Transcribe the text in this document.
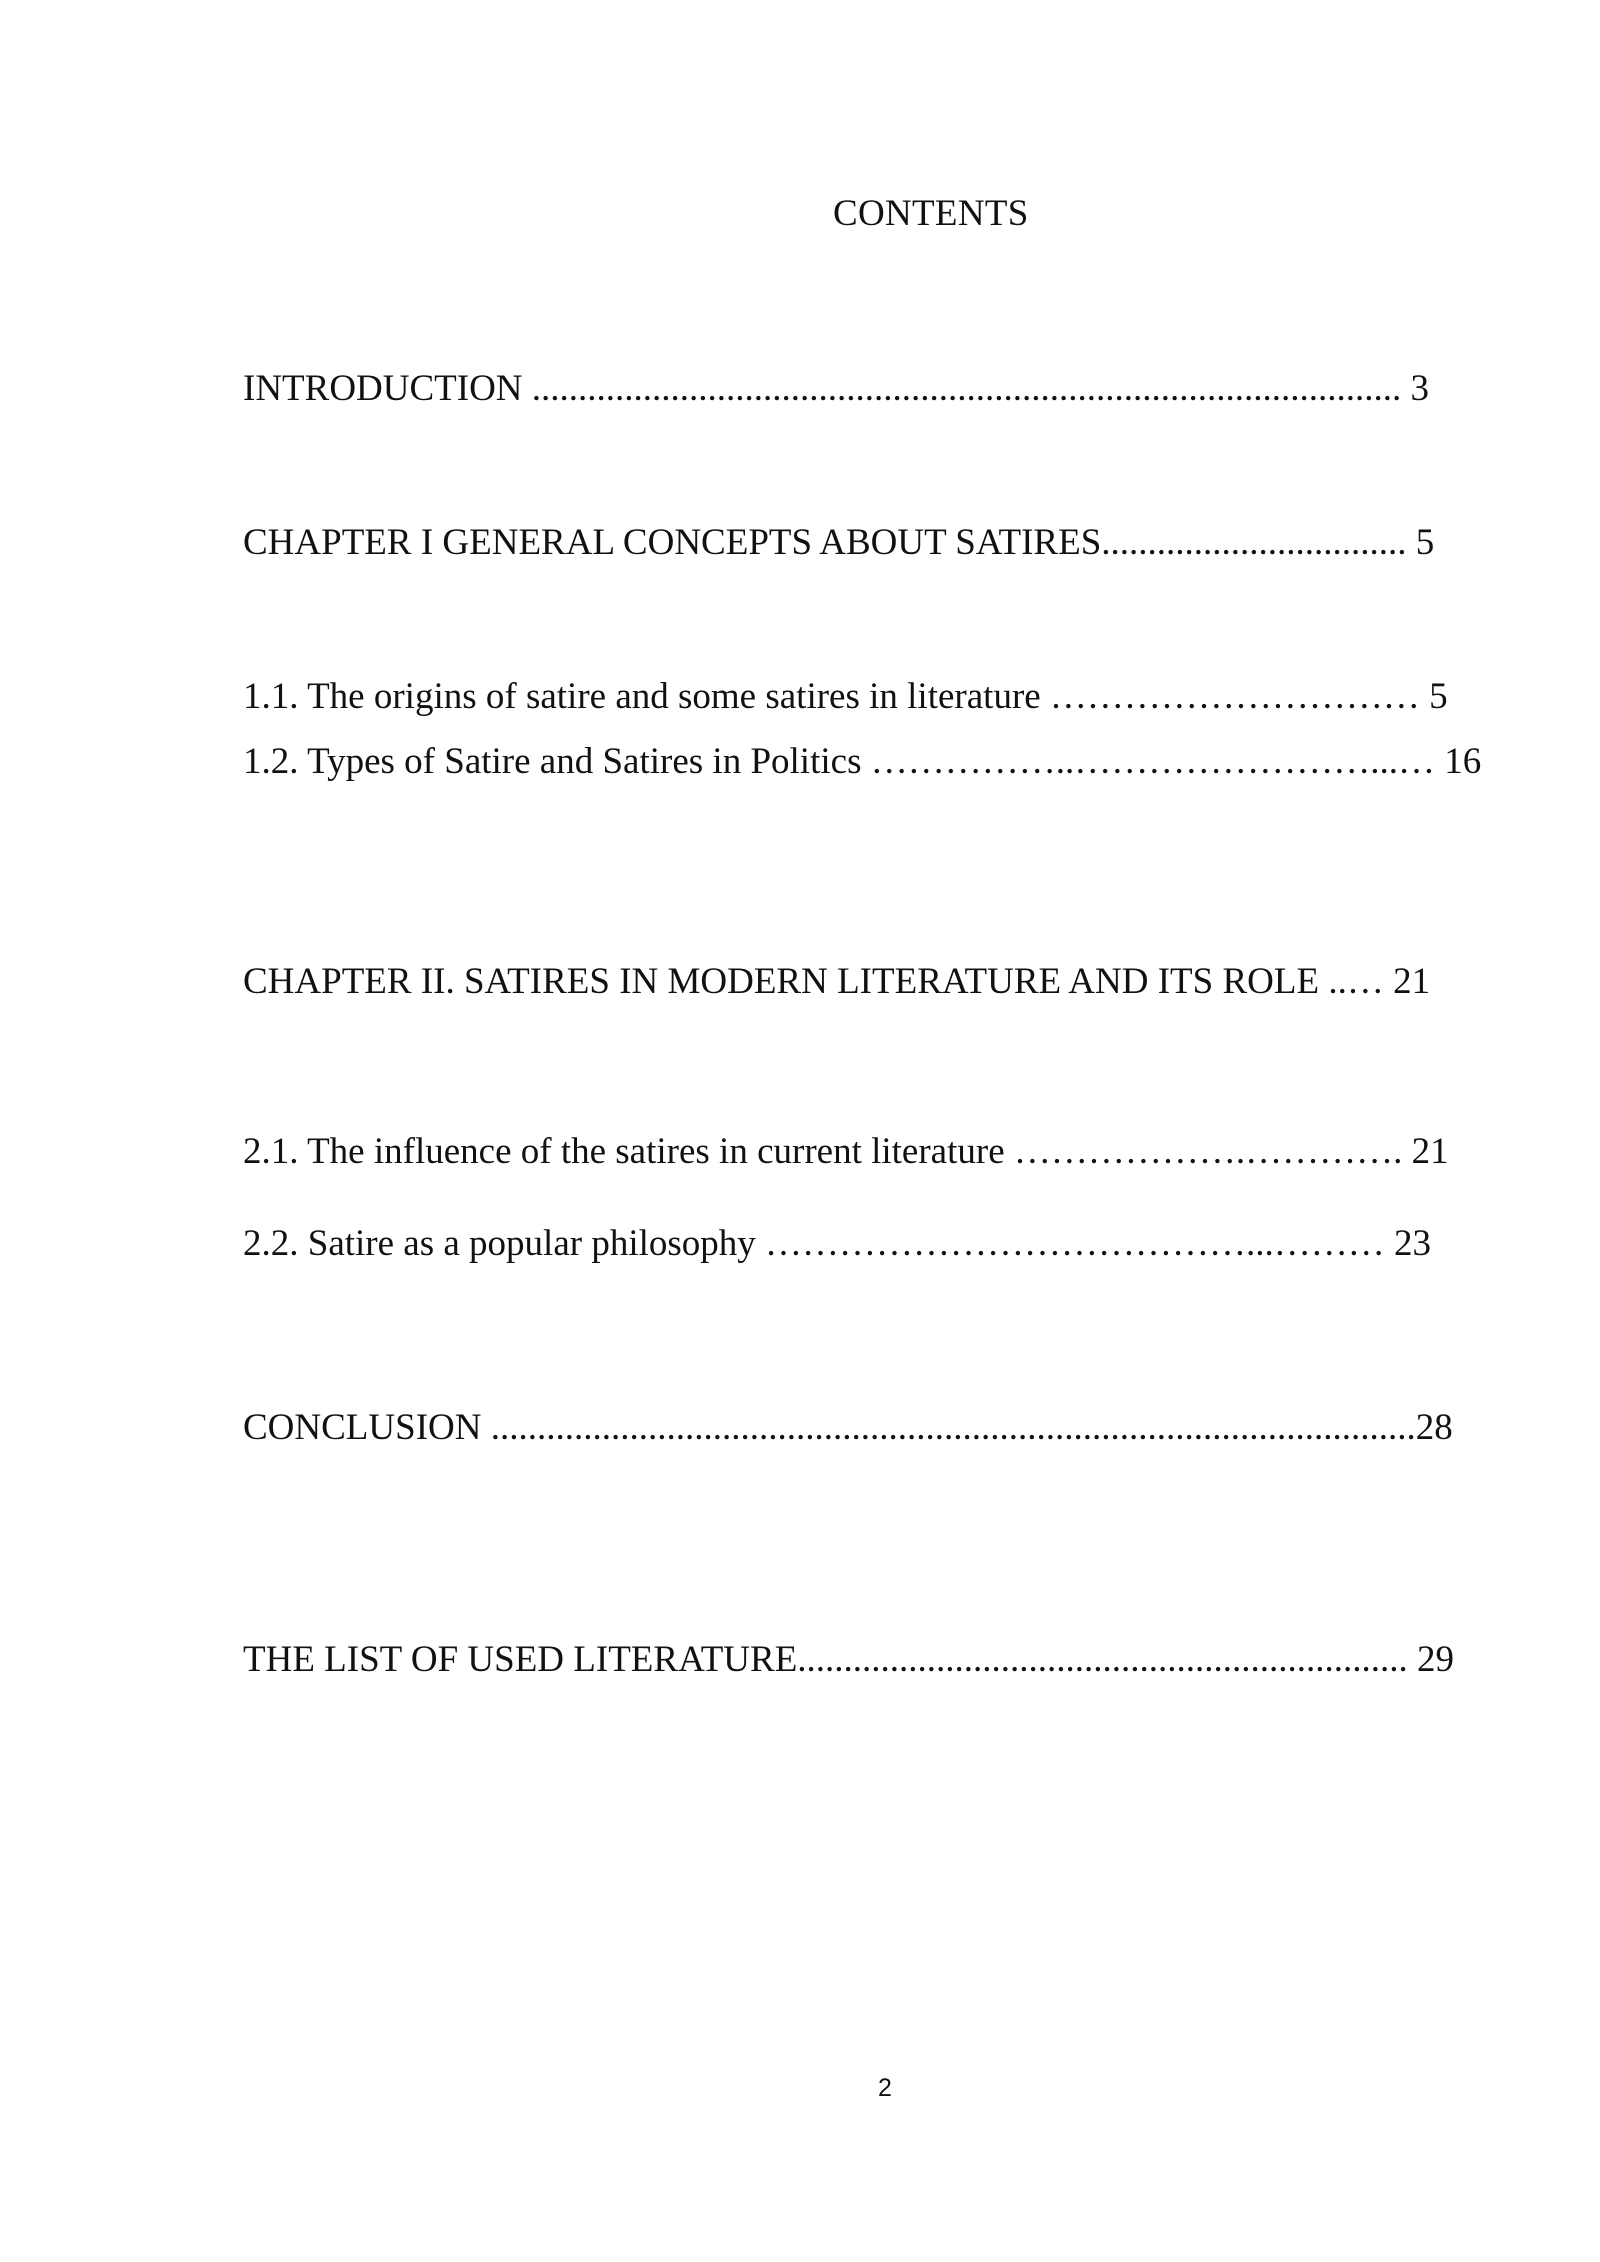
CONTENTS
INTRODUCTION .............................................................................................. 3
CHAPTER I GENERAL CONCEPTS ABOUT SATIRES................................. 5
1.1. The origins of satire and some satires in literature ………………………… 5
1.2. Types of Satire and Satires in Politics ……………..……………………...… 16
CHAPTER II. SATIRES IN MODERN LITERATURE AND ITS ROLE ..… 21
2.1. The influence of the satires in current literature ……………….…………. 21
2.2. Satire as a popular philosophy …………………………………...……… 23
CONCLUSION ....................................................................................................28
THE LIST OF USED LITERATURE.................................................................. 29
2
